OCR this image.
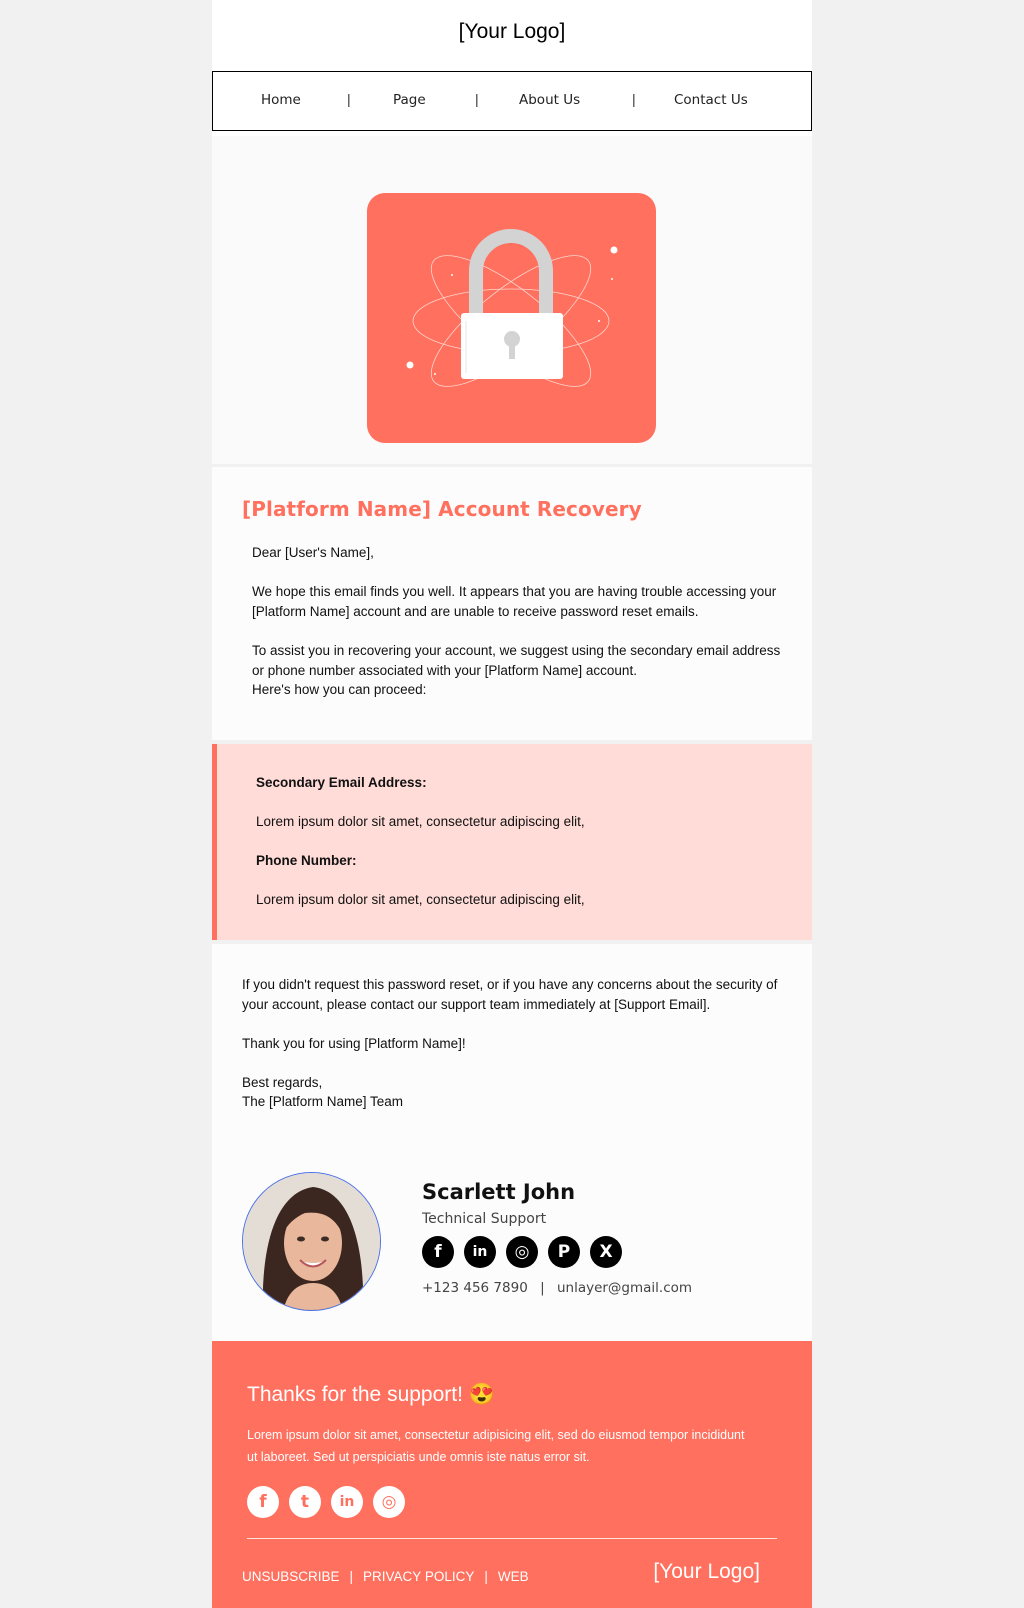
[Your Logo]
Home	|	Page	|	About Us	|	Contact Us
[Platform Name] Account Recovery
Dear [User's Name],
We hope this email finds you well. It appears that you are having trouble accessing your [Platform Name] account and are unable to receive password reset emails.
To assist you in recovering your account, we suggest using the secondary email address or phone number associated with your [Platform Name] account.
Here's how you can proceed:
Secondary Email Address:
Lorem ipsum dolor sit amet, consectetur adipiscing elit,
Phone Number:
Lorem ipsum dolor sit amet, consectetur adipiscing elit,
If you didn't request this password reset, or if you have any concerns about the security of your account, please contact our support team immediately at [Support Email].
Thank you for using [Platform Name]!
Best regards,
The [Platform Name] Team
Scarlett John
Technical Support
f	in	◎	P	X
+123 456 7890 | unlayer@gmail.com
Thanks for the support! 😍
Lorem ipsum dolor sit amet, consectetur adipisicing elit, sed do eiusmod tempor incididunt ut laboreet. Sed ut perspiciatis unde omnis iste natus error sit.
f	t	in	◎
UNSUBSCRIBE | PRIVACY POLICY | WEB	[Your Logo]
